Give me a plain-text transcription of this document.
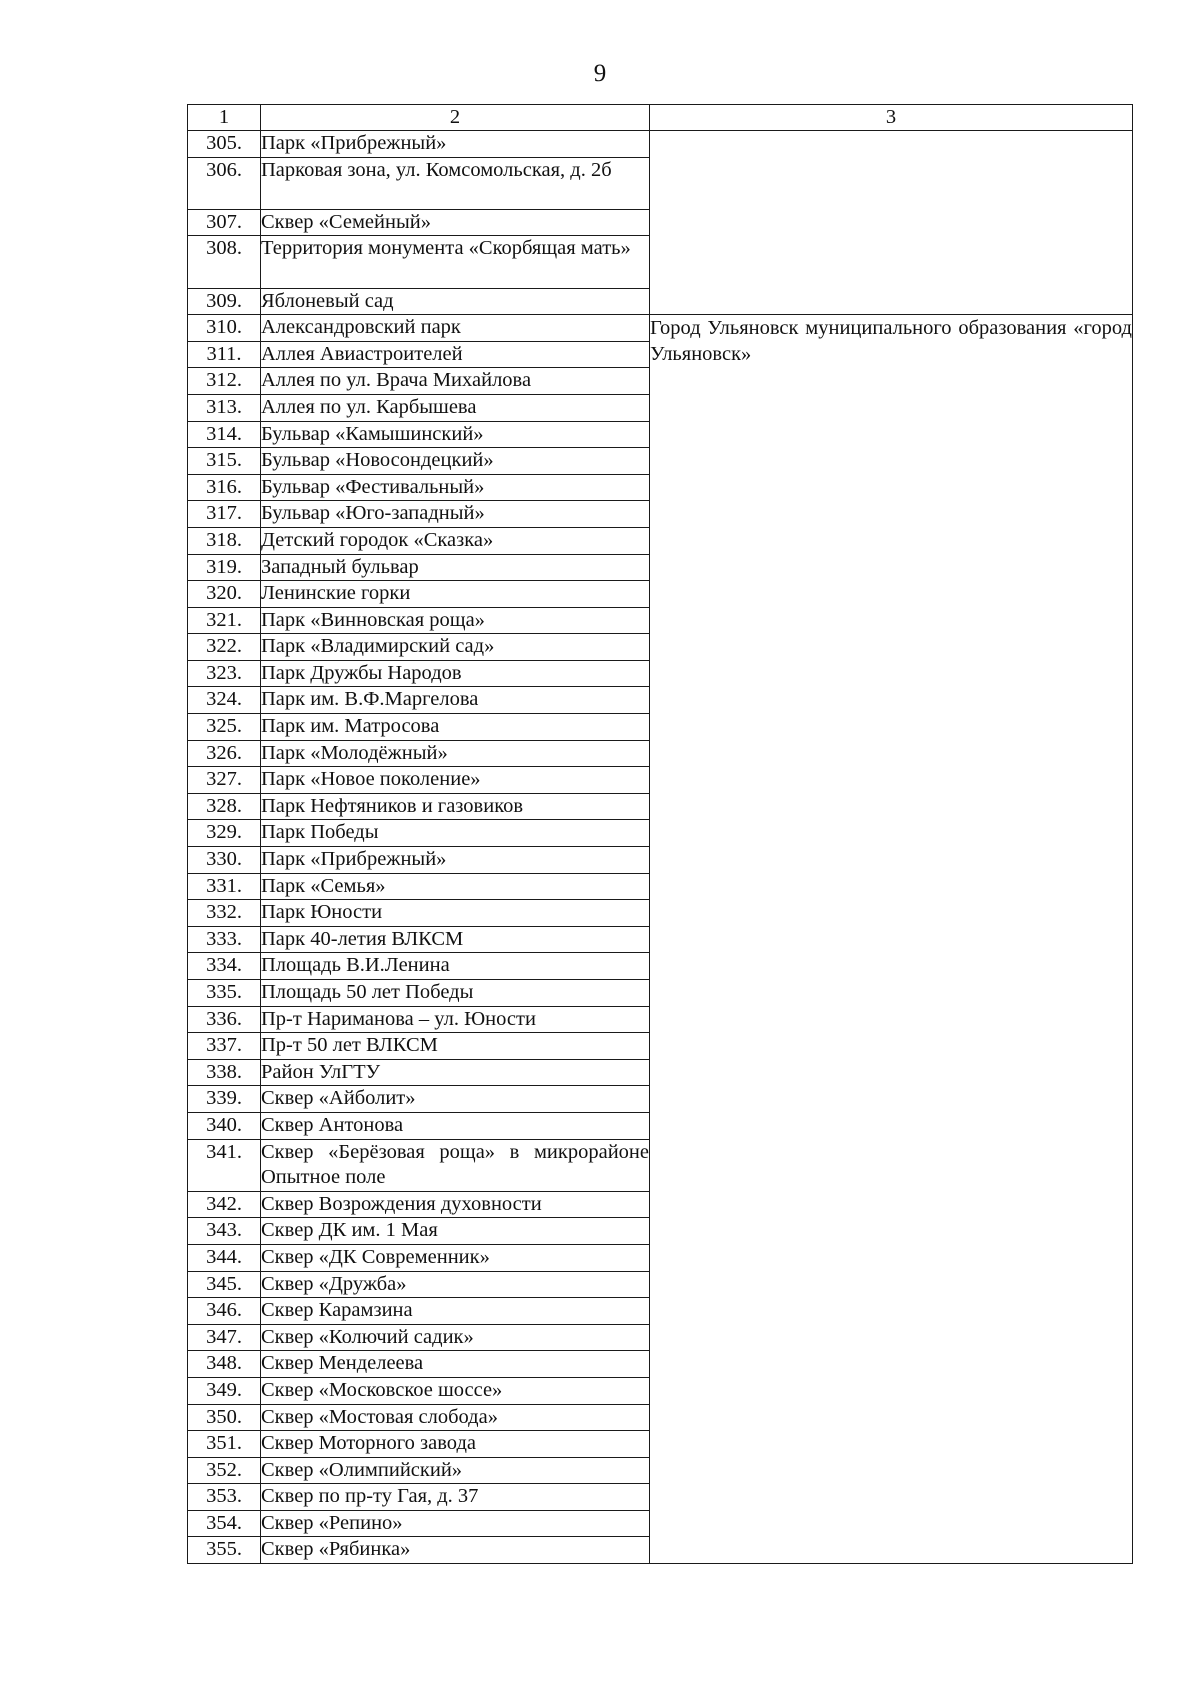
9
1	2	3
305.	Парк «Прибрежный»	
306.	Парковая зона, ул. Комсомольская, д. 2б	
307.	Сквер «Семейный»	
308.	Территория монумента «Скорбящая мать»	
309.	Яблоневый сад	
310.	Александровский парк	Город Ульяновск муниципального образования «город Ульяновск»

311.	Аллея Авиастроителей	
312.	Аллея по ул. Врача Михайлова	
313.	Аллея по ул. Карбышева	
314.	Бульвар «Камышинский»	
315.	Бульвар «Новосондецкий»	
316.	Бульвар «Фестивальный»	
317.	Бульвар «Юго-западный»	
318.	Детский городок «Сказка»	
319.	Западный бульвар	
320.	Ленинские горки	
321.	Парк «Винновская роща»	
322.	Парк «Владимирский сад»	
323.	Парк Дружбы Народов	
324.	Парк им. В.Ф.Маргелова	
325.	Парк им. Матросова	
326.	Парк «Молодёжный»	
327.	Парк «Новое поколение»	
328.	Парк Нефтяников и газовиков	
329.	Парк Победы	
330.	Парк «Прибрежный»	
331.	Парк «Семья»	
332.	Парк Юности	
333.	Парк 40-летия ВЛКСМ	
334.	Площадь В.И.Ленина	
335.	Площадь 50 лет Победы	
336.	Пр-т Нариманова – ул. Юности	
337.	Пр-т 50 лет ВЛКСМ	
338.	Район УлГТУ	
339.	Сквер «Айболит»	
340.	Сквер Антонова	
341.	Сквер «Берёзовая роща» в микрорайоне Опытное поле	
342.	Сквер Возрождения духовности	
343.	Сквер ДК им. 1 Мая	
344.	Сквер «ДК Современник»	
345.	Сквер «Дружба»	
346.	Сквер Карамзина	
347.	Сквер «Колючий садик»	
348.	Сквер Менделеева	
349.	Сквер «Московское шоссе»	
350.	Сквер «Мостовая слобода»	
351.	Сквер Моторного завода	
352.	Сквер «Олимпийский»	
353.	Сквер по пр-ту Гая, д. 37	
354.	Сквер «Репино»	
355.	Сквер «Рябинка»	
